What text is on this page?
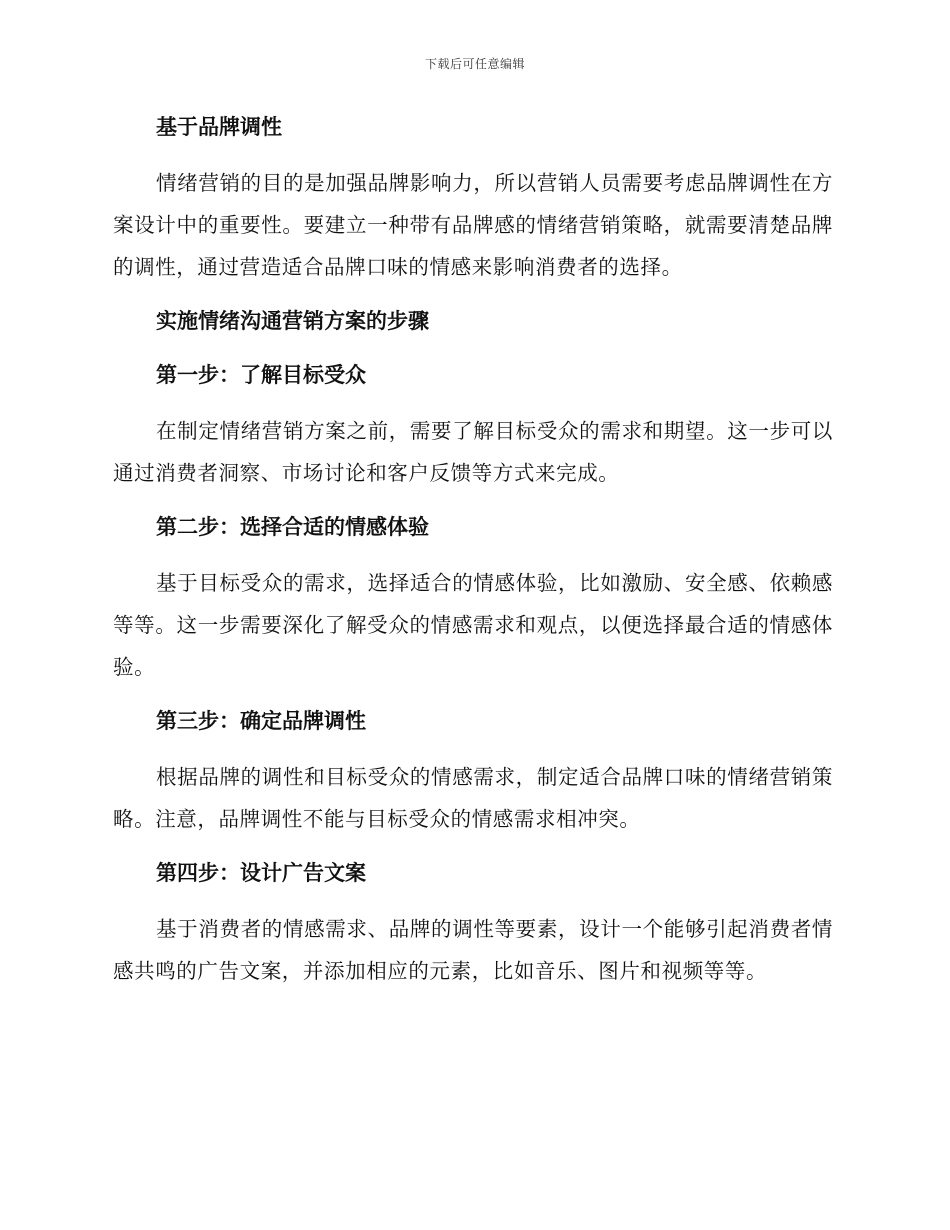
下载后可任意编辑
基于品牌调性

情绪营销的目的是加强品牌影响力，所以营销人员需要考虑品牌调性在方案设计中的重要性。要建立一种带有品牌感的情绪营销策略，就需要清楚品牌的调性，通过营造适合品牌口味的情感来影响消费者的选择。

实施情绪沟通营销方案的步骤
第一步：了解目标受众

在制定情绪营销方案之前，需要了解目标受众的需求和期望。这一步可以通过消费者洞察、市场讨论和客户反馈等方式来完成。

第二步：选择合适的情感体验

基于目标受众的需求，选择适合的情感体验，比如激励、安全感、依赖感等等。这一步需要深化了解受众的情感需求和观点，以便选择最合适的情感体验。

第三步：确定品牌调性

根据品牌的调性和目标受众的情感需求，制定适合品牌口味的情绪营销策略。注意，品牌调性不能与目标受众的情感需求相冲突。

第四步：设计广告文案

基于消费者的情感需求、品牌的调性等要素，设计一个能够引起消费者情感共鸣的广告文案，并添加相应的元素，比如音乐、图片和视频等等。
